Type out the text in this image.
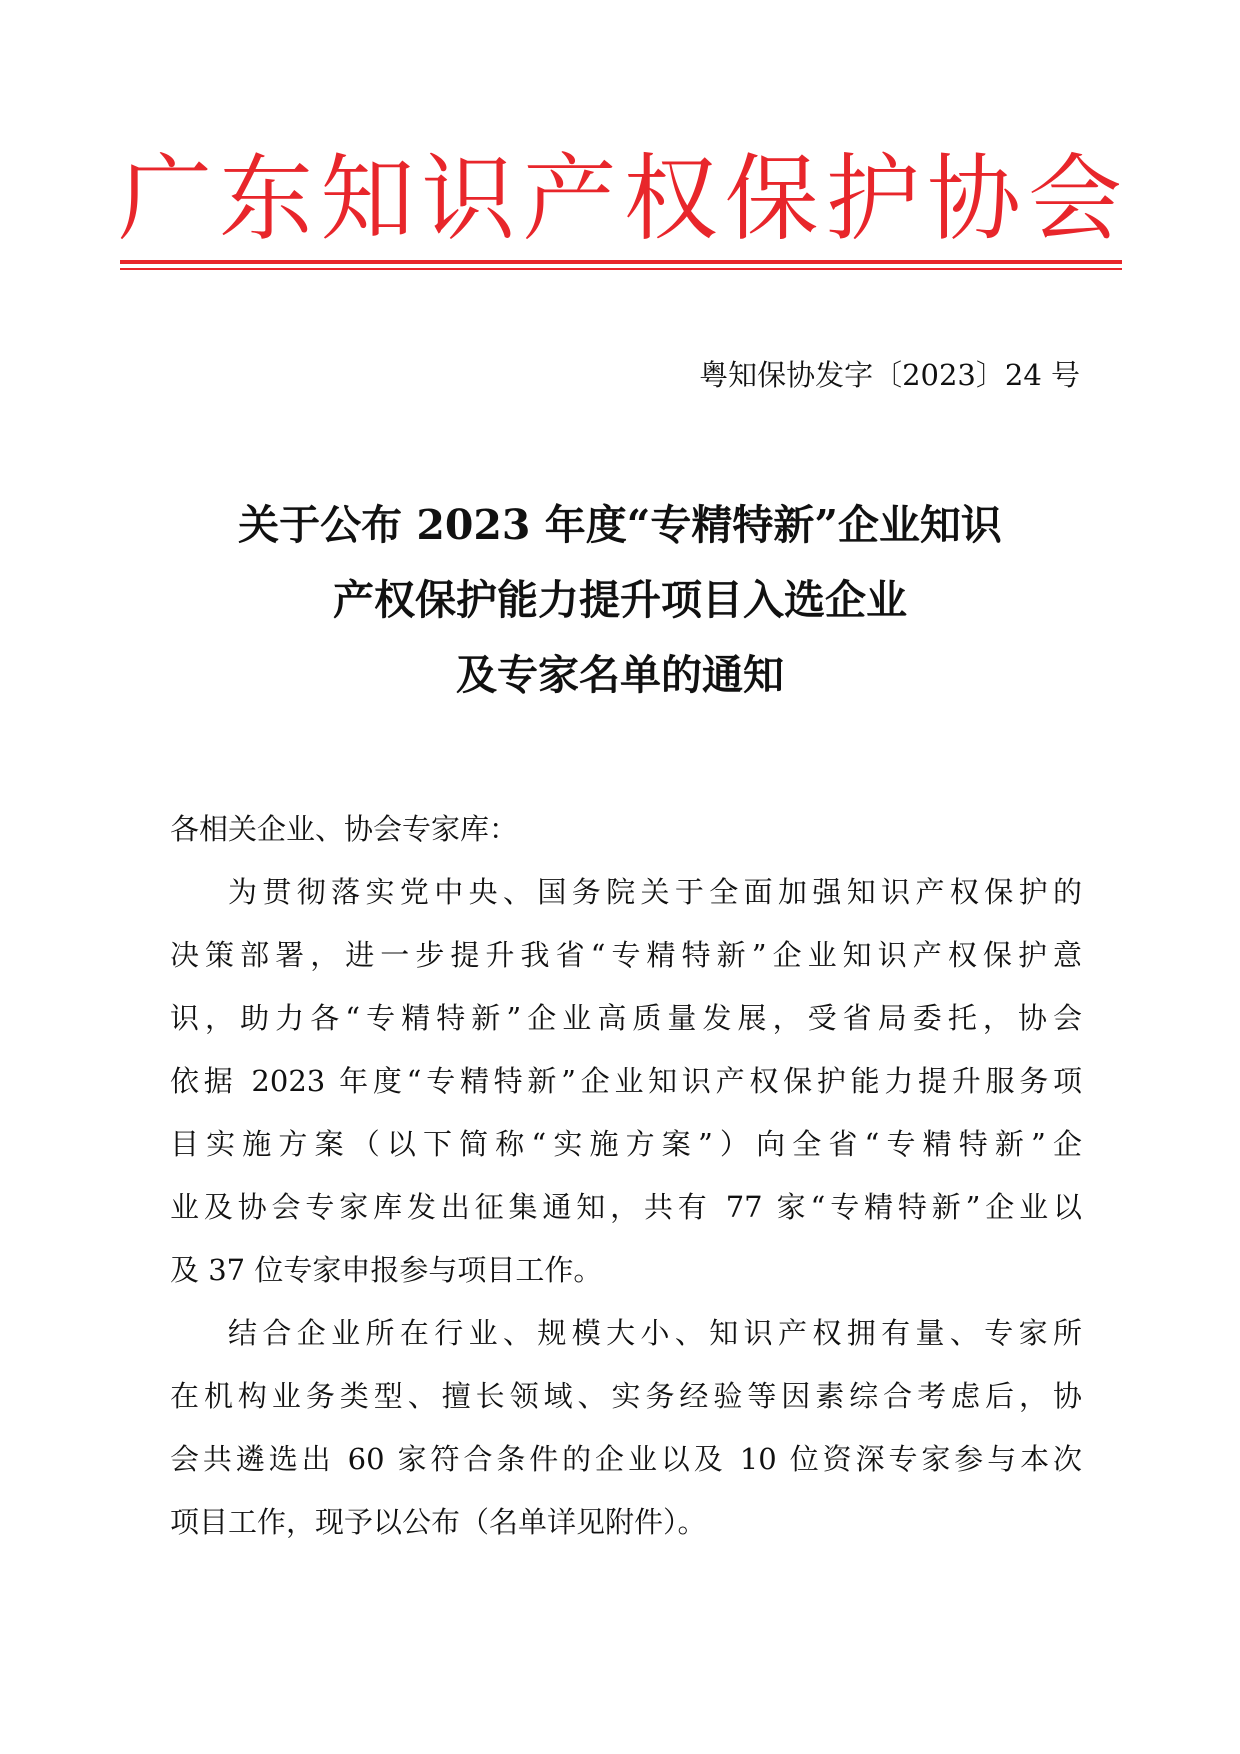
广 东 知 识 产 权 保 护 协 会
粤知保协发字〔2023〕24 号
关于公布 2023 年度“专精特新”企业知识
产权保护能力提升项目入选企业
及专家名单的通知

各相关企业、协会专家库：

为贯彻落实党中央、国务院关于全面加强知识产权保护的
决策部署，进一步提升我省“专精特新”企业知识产权保护意
识，助力各“专精特新”企业高质量发展，受省局委托，协会
依据 2023 年度“专精特新”企业知识产权保护能力提升服务项
目实施方案（以下简称“实施方案”）向全省“专精特新”企
业及协会专家库发出征集通知，共有 77 家“专精特新”企业以
及 37 位专家申报参与项目工作。
结合企业所在行业、规模大小、知识产权拥有量、专家所
在机构业务类型、擅长领域、实务经验等因素综合考虑后，协
会共遴选出 60 家符合条件的企业以及 10 位资深专家参与本次
项目工作，现予以公布（名单详见附件）。
